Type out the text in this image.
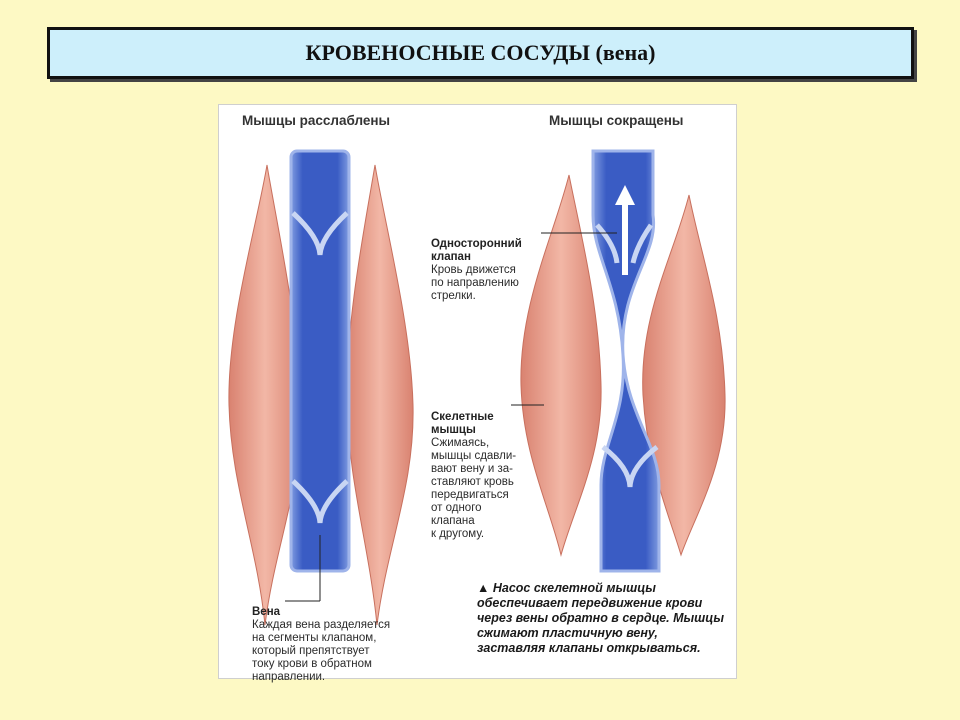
КРОВЕНОСНЫЕ СОСУДЫ (вена)
Мышцы расслаблены	Мышцы сокращены

Односторонний
клапан
Кровь движется
по направлению
стрелки.

Скелетные
мышцы
Сжимаясь,
мышцы сдавли-
вают вену и за-
ставляют кровь
передвигаться
от одного
клапана
к другому.

Вена
Каждая вена разделяется
на сегменты клапаном,
который препятствует
току крови в обратном
направлении.

▲ Насос скелетной мышцы обеспечивает передвижение крови через вены обратно в сердце. Мышцы сжимают пластичную вену, заставляя клапаны открываться.
